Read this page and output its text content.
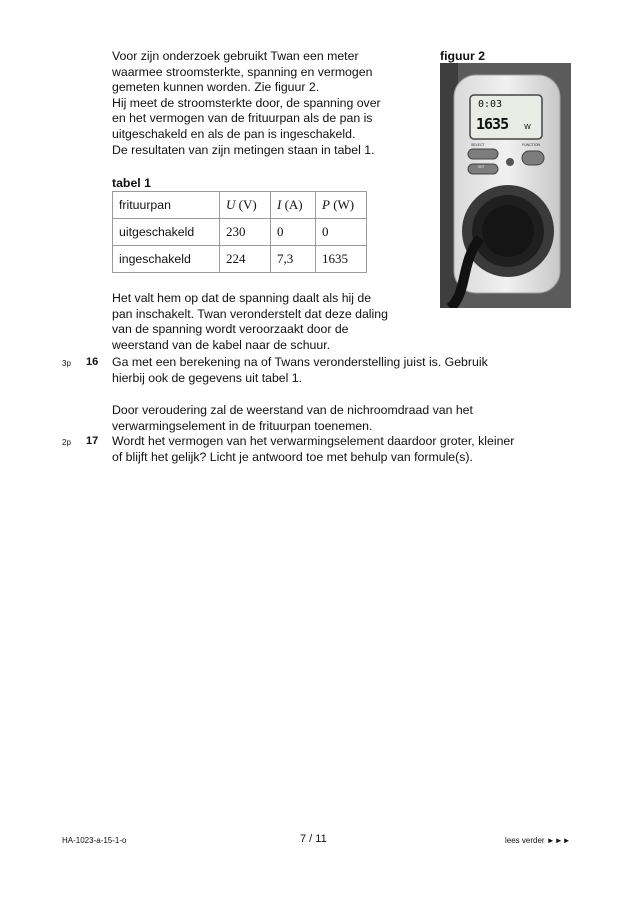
Voor zijn onderzoek gebruikt Twan een meter
waarmee stroomsterkte, spanning en vermogen
gemeten kunnen worden. Zie figuur 2.
Hij meet de stroomsterkte door, de spanning over
en het vermogen van de frituurpan als de pan is
uitgeschakeld en als de pan is ingeschakeld.
De resultaten van zijn metingen staan in tabel 1.
figuur 2
0:03
1635 W
SELECT	FUNCTION
SET
tabel 1
frituurpan	U (V)	I (A)	P (W)
uitgeschakeld	230	0	0
ingeschakeld	224	7,3	1635
Het valt hem op dat de spanning daalt als hij de
pan inschakelt. Twan veronderstelt dat deze daling
van de spanning wordt veroorzaakt door de
weerstand van de kabel naar de schuur.
3p 16 Ga met een berekening na of Twans veronderstelling juist is. Gebruik
hierbij ook de gegevens uit tabel 1.
Door veroudering zal de weerstand van de nichroomdraad van het
verwarmingselement in de frituurpan toenemen.
2p 17 Wordt het vermogen van het verwarmingselement daardoor groter, kleiner
of blijft het gelijk? Licht je antwoord toe met behulp van formule(s).
HA-1023-a-15-1-o	7 / 11	lees verder ►►►
